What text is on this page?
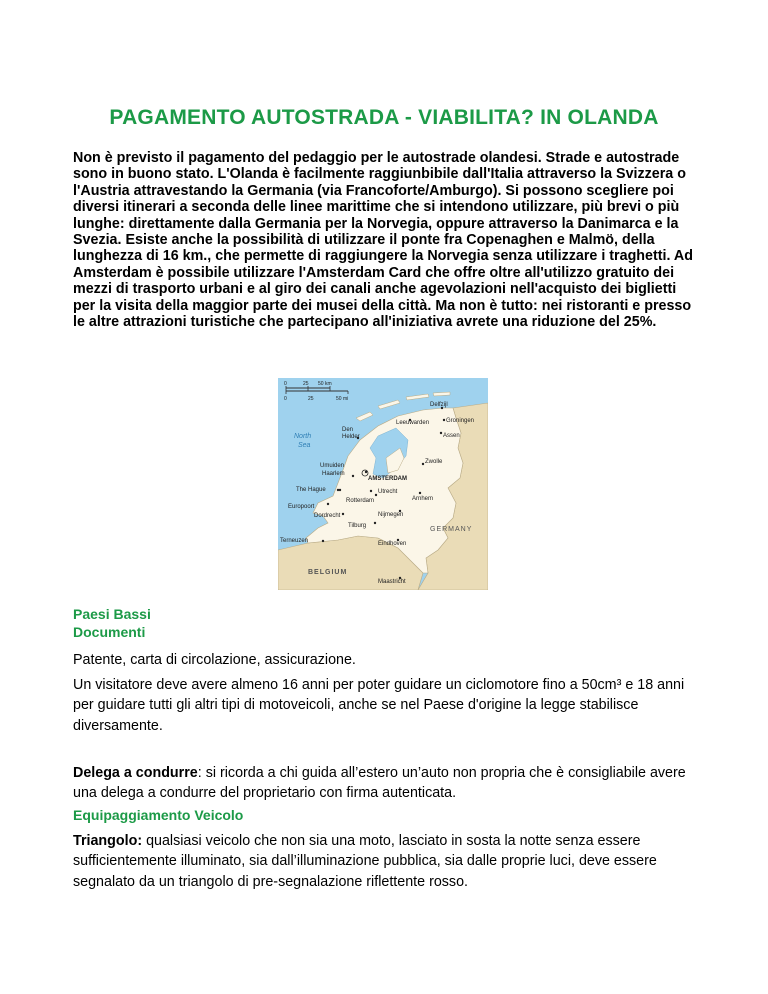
PAGAMENTO AUTOSTRADA - VIABILITA? IN OLANDA
Non è previsto il pagamento del pedaggio per le autostrade olandesi. Strade e autostrade sono in buono stato. L'Olanda è facilmente raggiunbibile dall'Italia attraverso la Svizzera o l'Austria attravestando la Germania (via Francoforte/Amburgo). Si possono scegliere poi diversi itinerari a seconda delle linee marittime che si intendono utilizzare, più brevi o più lunghe: direttamente dalla Germania per la Norvegia, oppure attraverso la Danimarca e la Svezia. Esiste anche la possibilità di utilizzare il ponte fra Copenaghen e Malmö, della lunghezza di 16 km., che permette di raggiungere la Norvegia senza utilizzare i traghetti. Ad Amsterdam è possibile utilizzare l'Amsterdam Card che offre oltre all'utilizzo gratuito dei mezzi di trasporto urbani e al giro dei canali anche agevolazioni nell'acquisto dei biglietti per la visita della maggior parte dei musei della città. Ma non è tutto: nei ristoranti e presso le altre attrazioni turistiche che partecipano all'iniziativa avrete una riduzione del 25%.
0	25 50 km
0	25	50 mi
North
Sea
Delfzijl
Leeuwarden	Groningen
Den
Helder	Assen
Zwolle
Umuiden
Haarlem
AMSTERDAM
The Hague	Utrecht
Arnhem
Rotterdam
Europoort
Dordrecht	Nijmegen
Tilburg
Terneuzen	Eindhoven
Maastricht
GERMANY
BELGIUM
Paesi Bassi
Documenti
Patente, carta di circolazione, assicurazione.
Un visitatore deve avere almeno 16 anni per poter guidare un ciclomotore fino a 50cm³ e 18 anni per guidare tutti gli altri tipi di motoveicoli, anche se nel Paese d'origine la legge stabilisce diversamente.
Delega a condurre: si ricorda a chi guida all’estero un’auto non propria che è consigliabile avere una delega a condurre del proprietario con firma autenticata.
Equipaggiamento Veicolo
Triangolo: qualsiasi veicolo che non sia una moto, lasciato in sosta la notte senza essere sufficientemente illuminato, sia dall’illuminazione pubblica, sia dalle proprie luci, deve essere segnalato da un triangolo di pre-segnalazione riflettente rosso.
